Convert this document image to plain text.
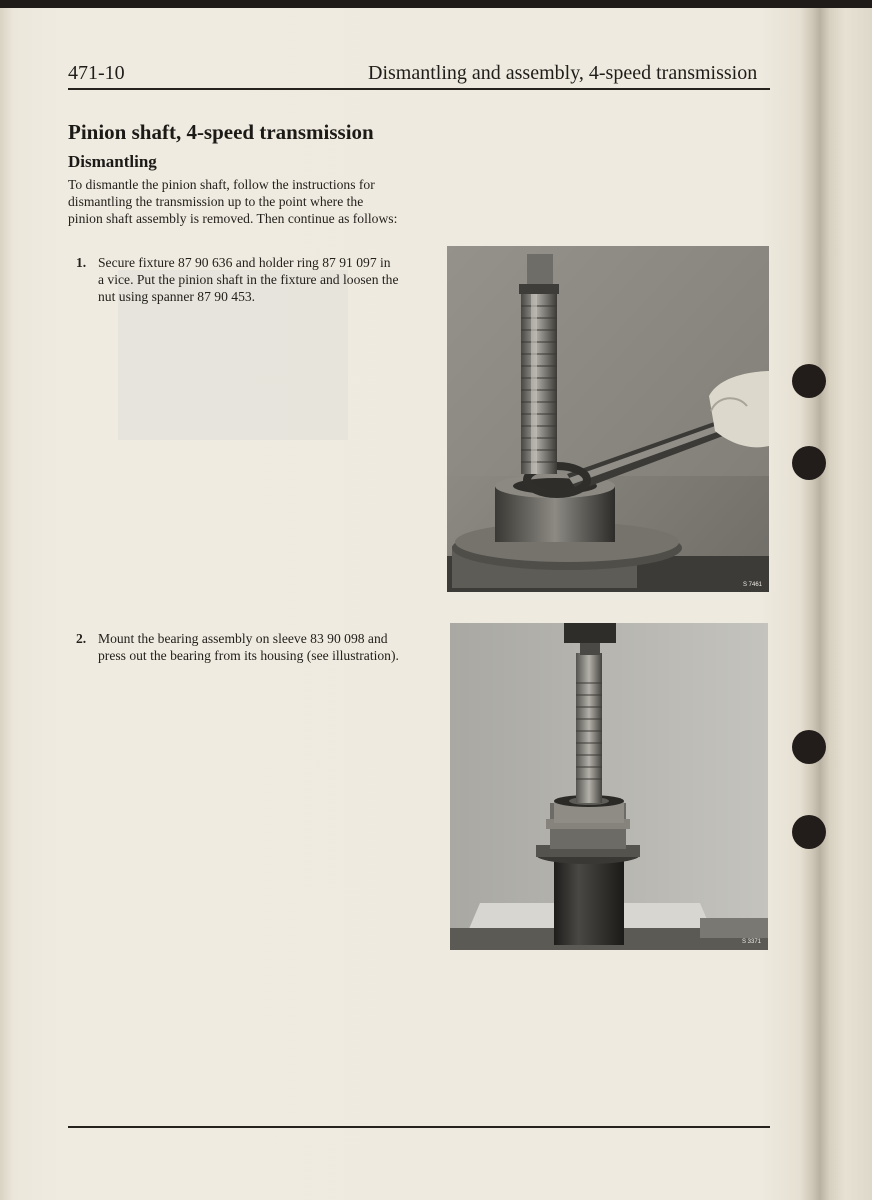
471-10	Dismantling and assembly, 4-speed transmission
Pinion shaft, 4-speed transmission
Dismantling
To dismantle the pinion shaft, follow the instructions for dismantling the transmission up to the point where the pinion shaft assembly is removed. Then continue as follows:
1. Secure fixture 87 90 636 and holder ring 87 91 097 in a vice. Put the pinion shaft in the fixture and loosen the nut using spanner 87 90 453.
2. Mount the bearing assembly on sleeve 83 90 098 and press out the bearing from its housing (see illustration).
S 7461
S 3371
